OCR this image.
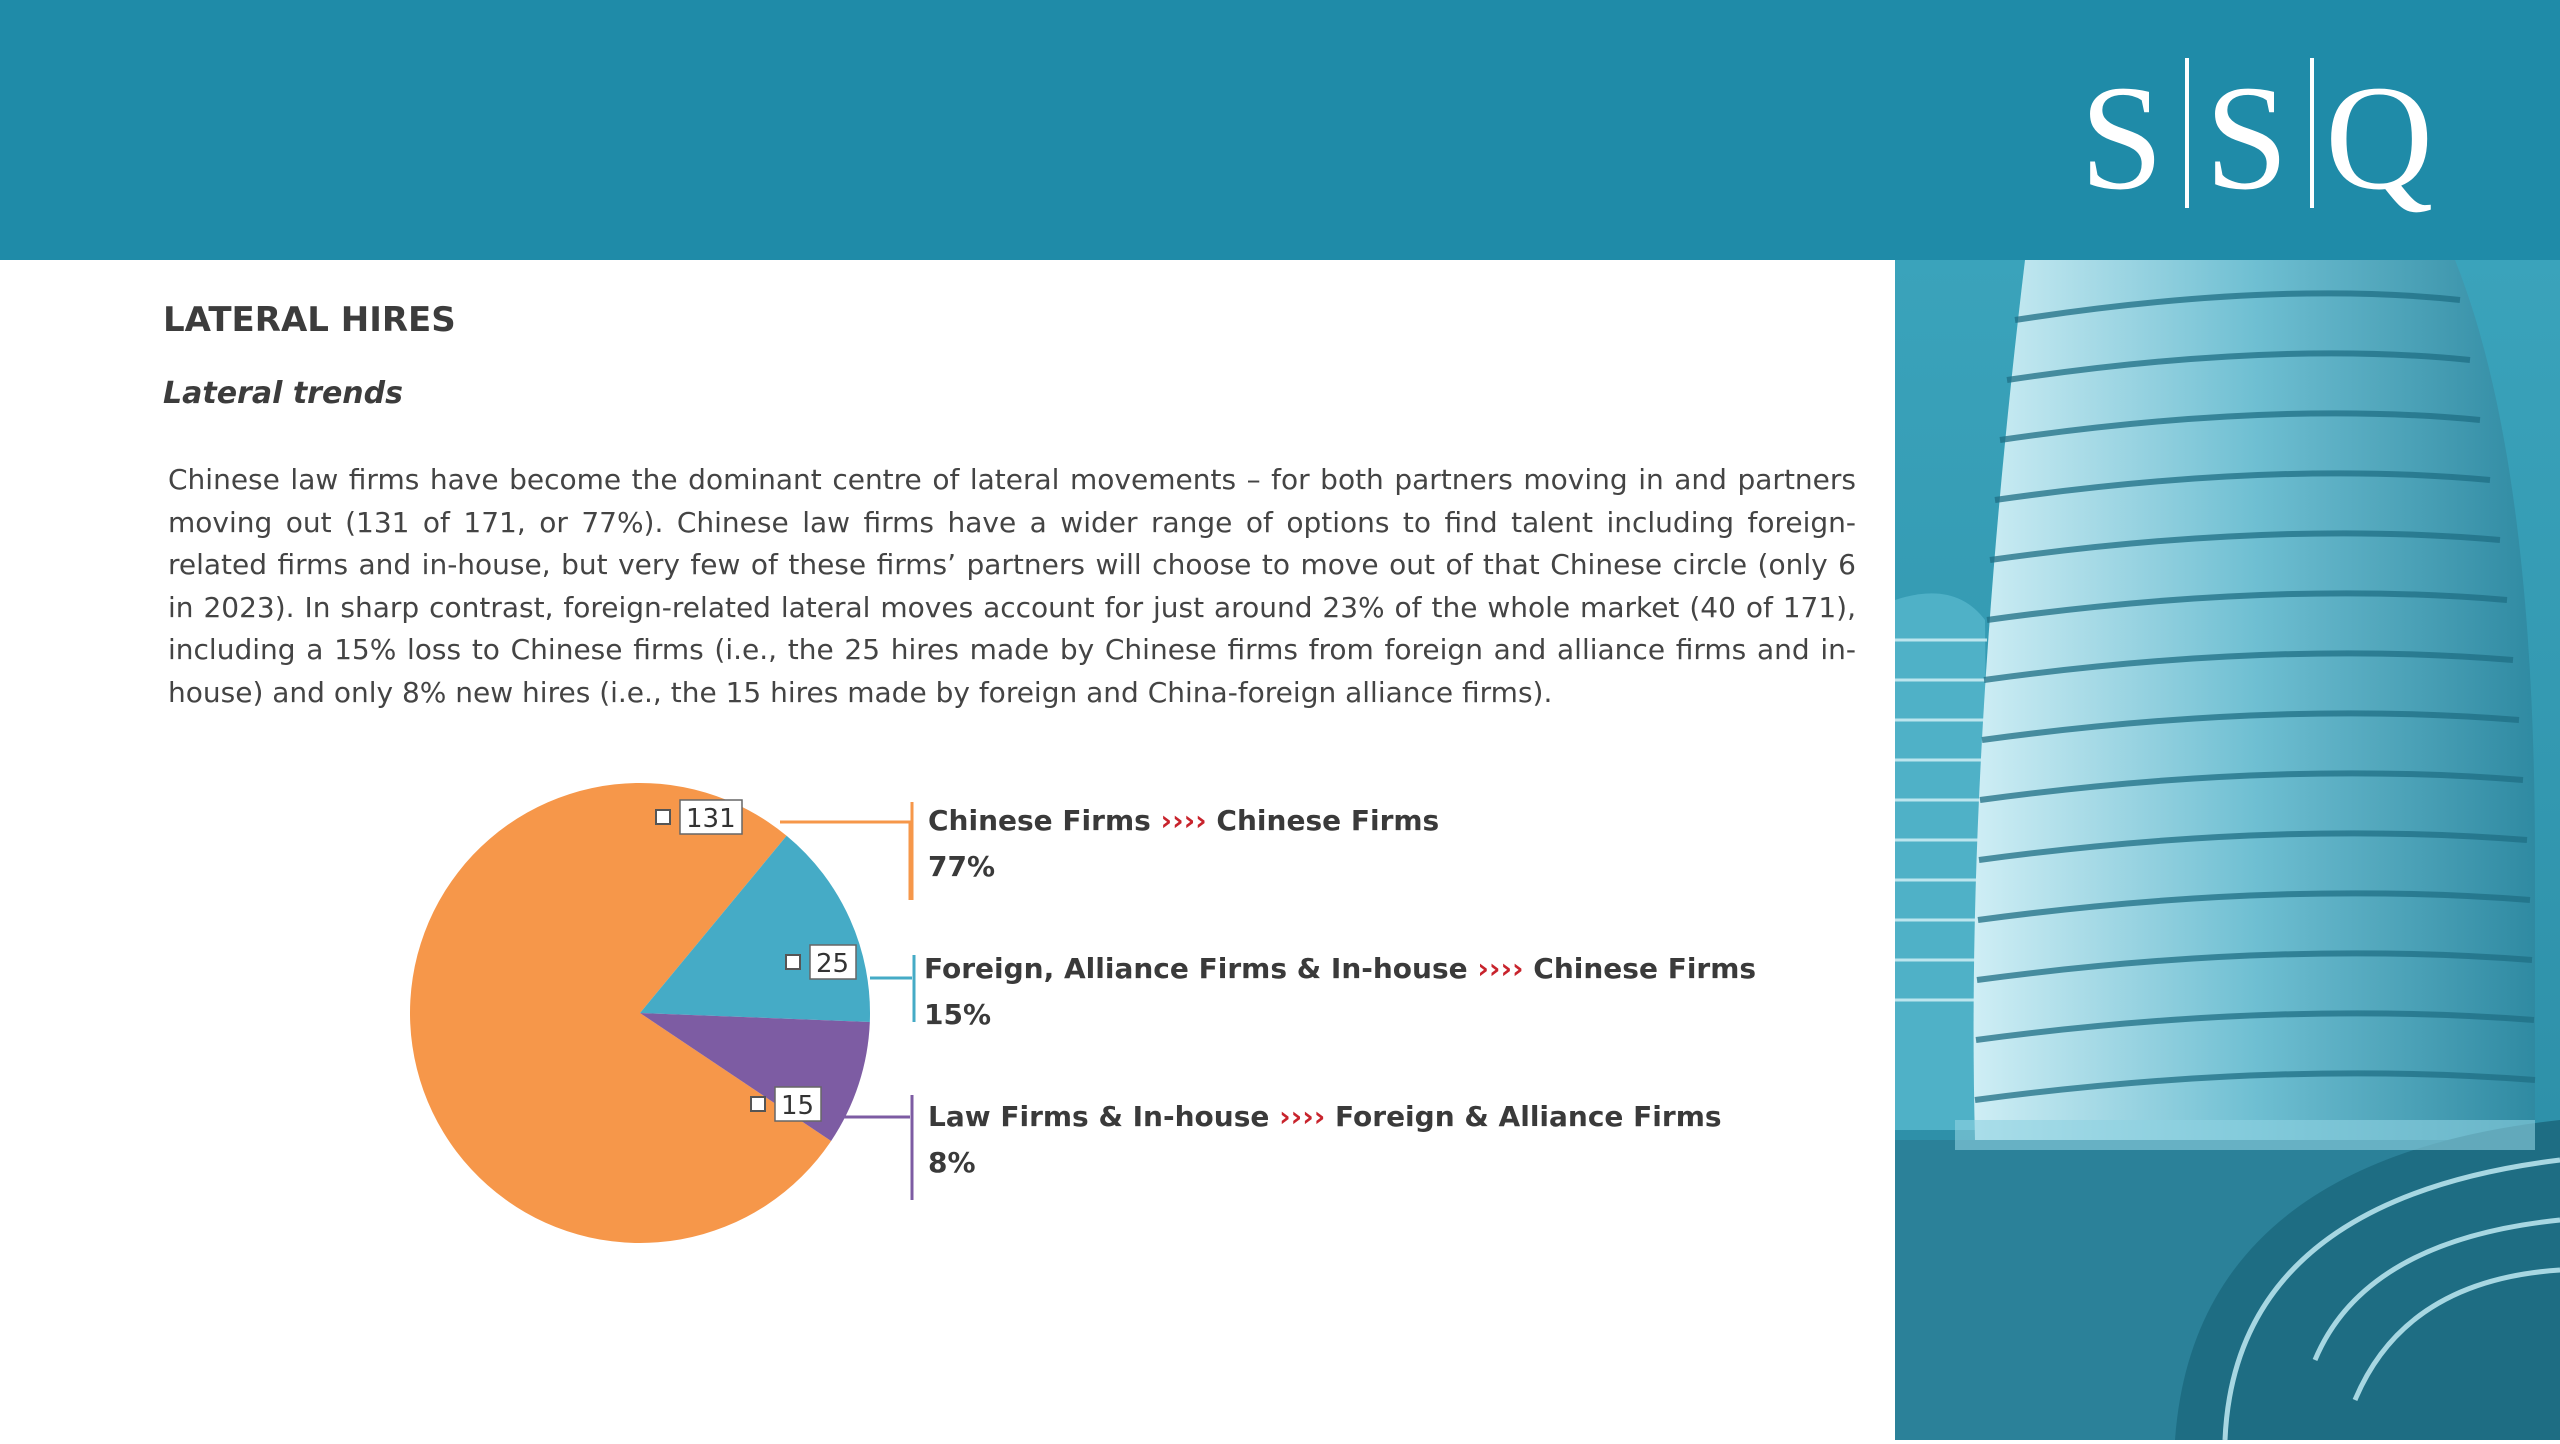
S S Q
LATERAL HIRES
Lateral trends
Chinese law firms have become the dominant centre of lateral movements – for both partners moving in and partners moving out (131 of 171, or 77%). Chinese law firms have a wider range of options to find talent including foreign-related firms and in-house, but very few of these firms’ partners will choose to move out of that Chinese circle (only 6 in 2023). In sharp contrast, foreign-related lateral moves account for just around 23% of the whole market (40 of 171), including a 15% loss to Chinese firms (i.e., the 25 hires made by Chinese firms from foreign and alliance firms and in-house) and only 8% new hires (i.e., the 15 hires made by foreign and China-foreign alliance firms).
131	Chinese Firms ›››› Chinese Firms
77%
25	Foreign, Alliance Firms & In-house ›››› Chinese Firms
15%
15	Law Firms & In-house ›››› Foreign & Alliance Firms
8%
